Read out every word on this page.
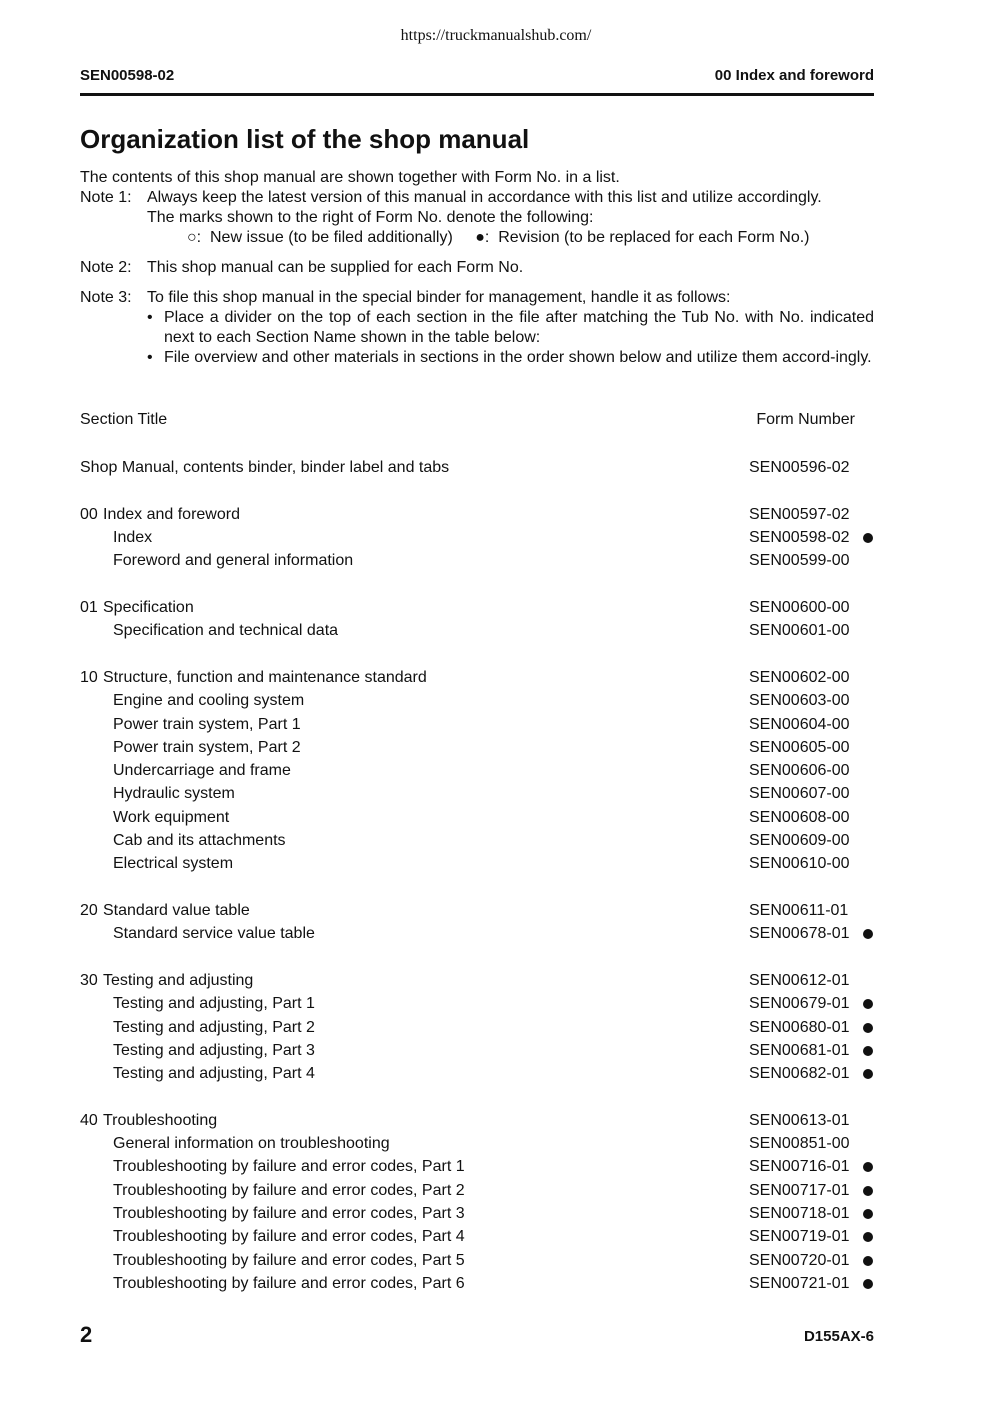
https://truckmanualshub.com/
SEN00598-02	00 Index and foreword
Organization list of the shop manual

The contents of this shop manual are shown together with Form No. in a list.

Note 1: Always keep the latest version of this manual in accordance with this list and utilize accordingly.

The marks shown to the right of Form No. denote the following:

○: New issue (to be filed additionally) ●: Revision (to be replaced for each Form No.)

Note 2: This shop manual can be supplied for each Form No.

Note 3: To file this shop manual in the special binder for management, handle it as follows:

• Place a divider on the top of each section in the file after matching the Tub No. with No. indicated next to each Section Name shown in the table below:
• File overview and other materials in sections in the order shown below and utilize them accord-ingly.
Section Title	Form Number
Shop Manual, contents binder, binder label and tabs	SEN00596-02
00 Index and foreword	SEN00597-02
Index	SEN00598-02
Foreword and general information	SEN00599-00
01 Specification	SEN00600-00
Specification and technical data	SEN00601-00
10 Structure, function and maintenance standard	SEN00602-00
Engine and cooling system	SEN00603-00
Power train system, Part 1	SEN00604-00
Power train system, Part 2	SEN00605-00
Undercarriage and frame	SEN00606-00
Hydraulic system	SEN00607-00
Work equipment	SEN00608-00
Cab and its attachments	SEN00609-00
Electrical system	SEN00610-00
20 Standard value table	SEN00611-01
Standard service value table	SEN00678-01
30 Testing and adjusting	SEN00612-01
Testing and adjusting, Part 1	SEN00679-01
Testing and adjusting, Part 2	SEN00680-01
Testing and adjusting, Part 3	SEN00681-01
Testing and adjusting, Part 4	SEN00682-01
40 Troubleshooting	SEN00613-01
General information on troubleshooting	SEN00851-00
Troubleshooting by failure and error codes, Part 1	SEN00716-01
Troubleshooting by failure and error codes, Part 2	SEN00717-01
Troubleshooting by failure and error codes, Part 3	SEN00718-01
Troubleshooting by failure and error codes, Part 4	SEN00719-01
Troubleshooting by failure and error codes, Part 5	SEN00720-01
Troubleshooting by failure and error codes, Part 6	SEN00721-01
2	D155AX-6
